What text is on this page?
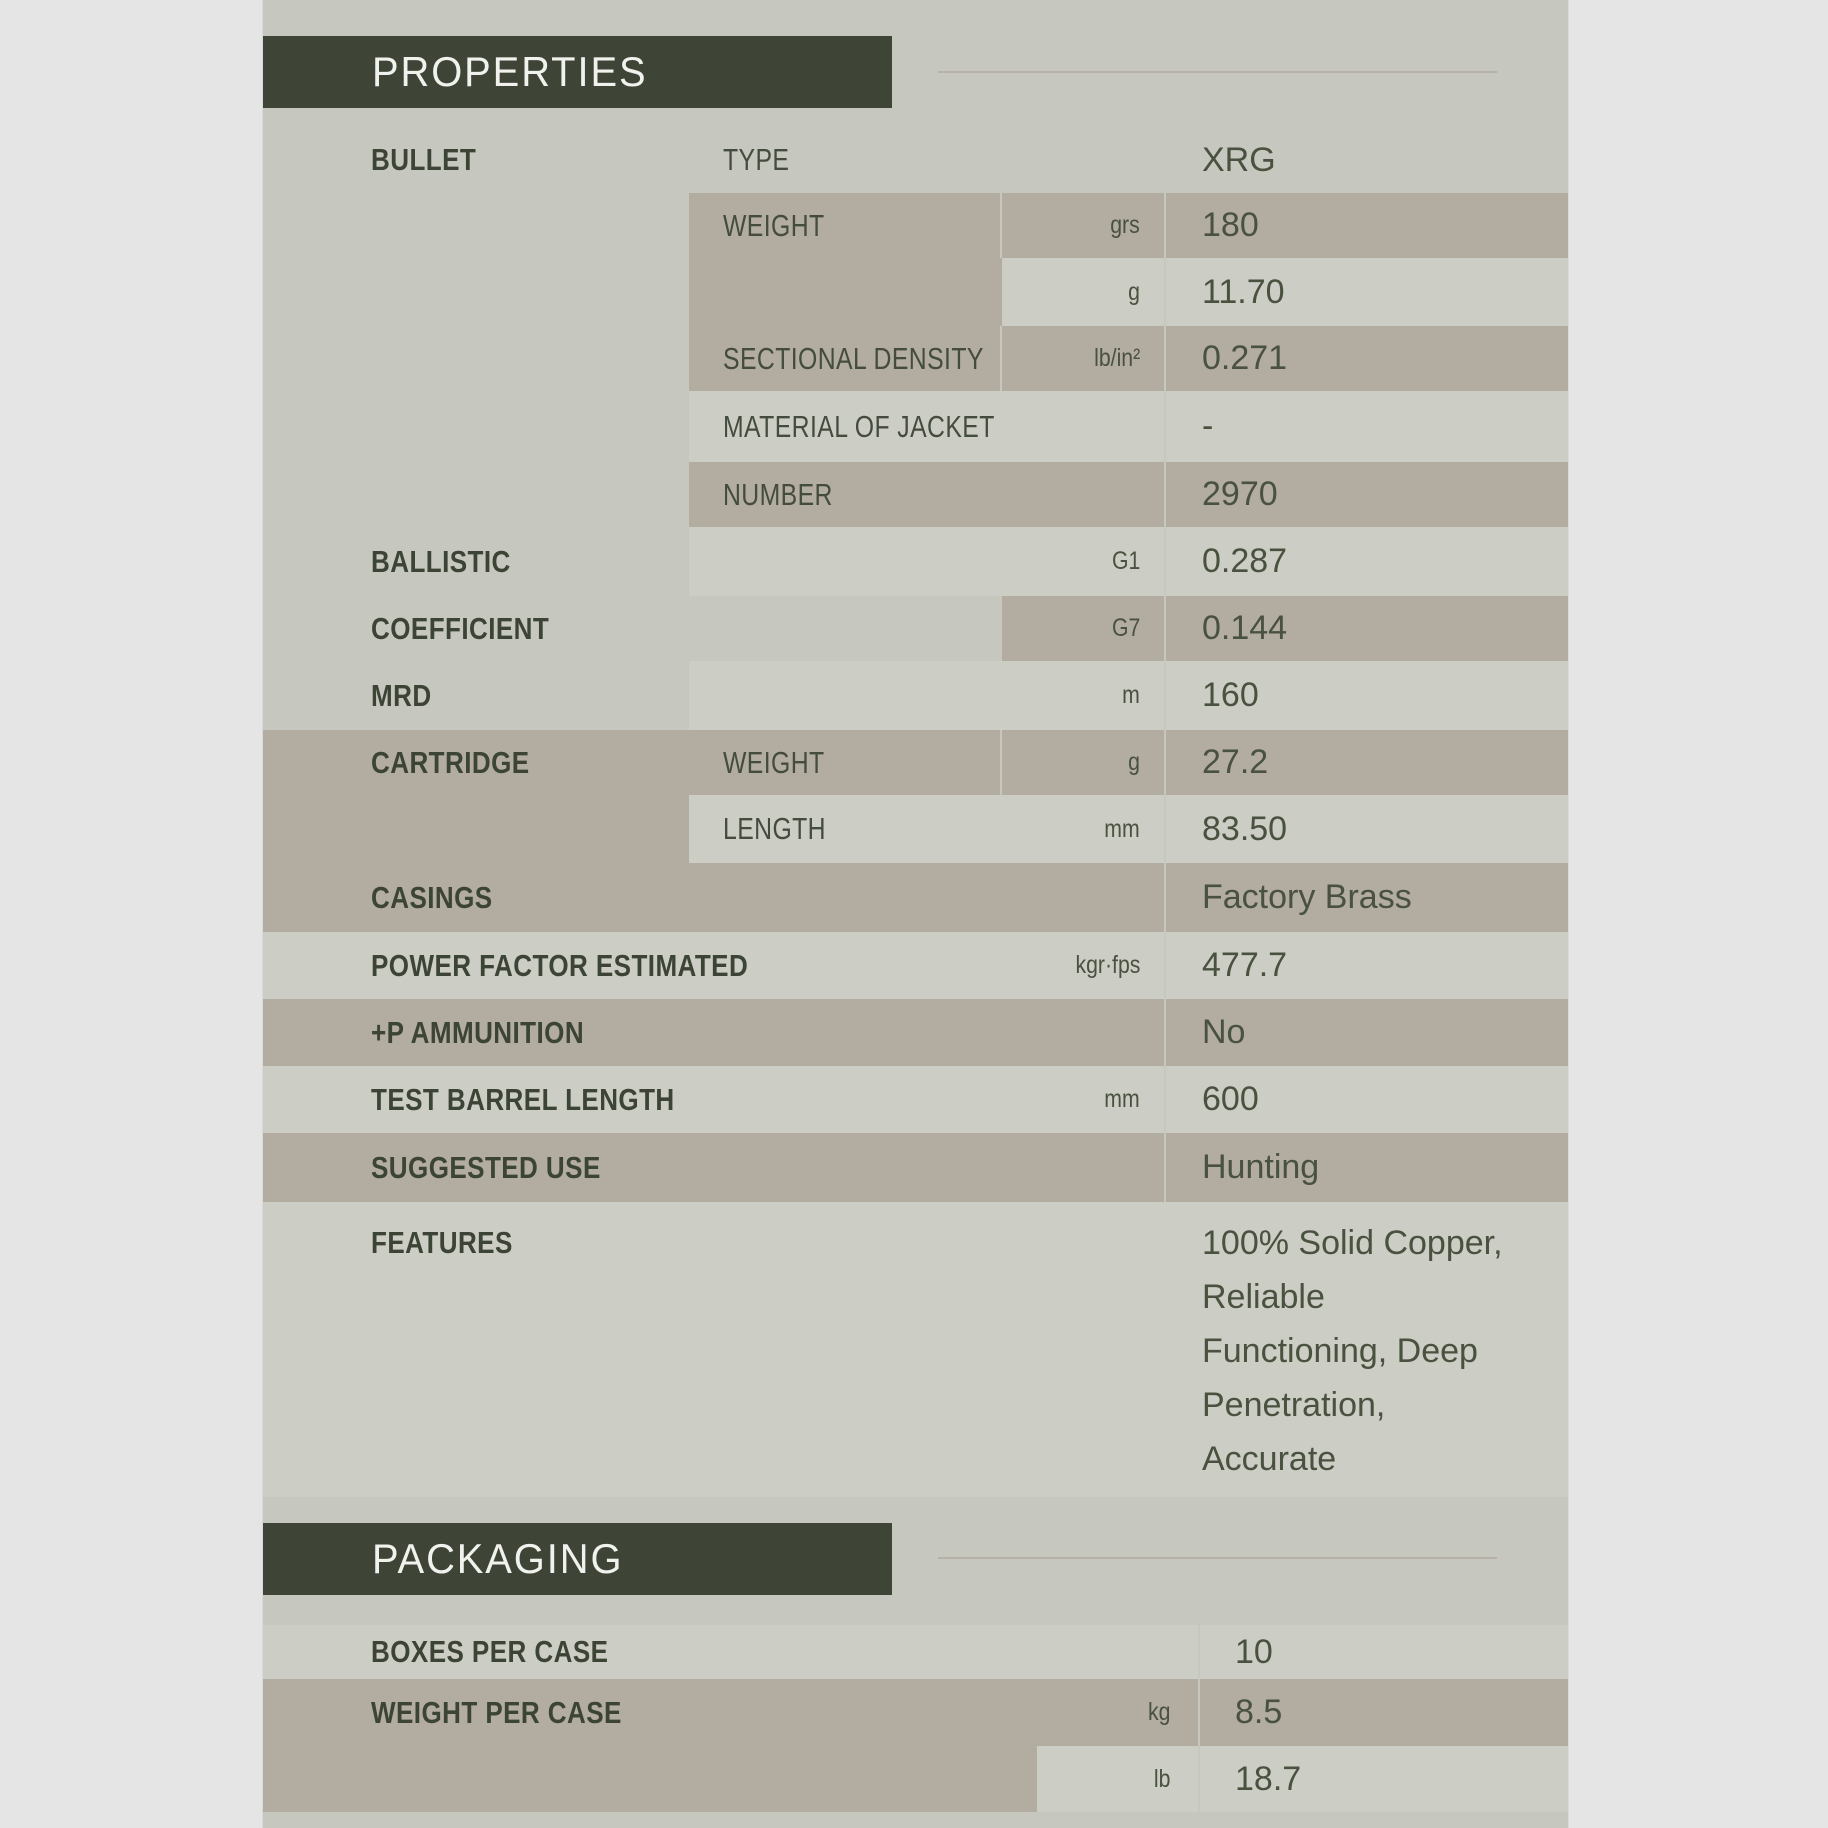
PROPERTIES
BULLET	TYPE	XRG
WEIGHT	grs 180
g 11.70
SECTIONAL DENSITY	lb/in² 0.271
MATERIAL OF JACKET	-
NUMBER	2970
BALLISTIC	G1 0.287
COEFFICIENT	G7 0.144
MRD	m 160
CARTRIDGE	WEIGHT	g 27.2
LENGTH	mm 83.50
CASINGS	Factory Brass
POWER FACTOR ESTIMATED	kgr·fps 477.7
+P AMMUNITION	No
TEST BARREL LENGTH	mm 600
SUGGESTED USE	Hunting
FEATURES	100% Solid Copper, Reliable Functioning, Deep Penetration, Accurate
PACKAGING
BOXES PER CASE	10
WEIGHT PER CASE	kg 8.5
lb 18.7
